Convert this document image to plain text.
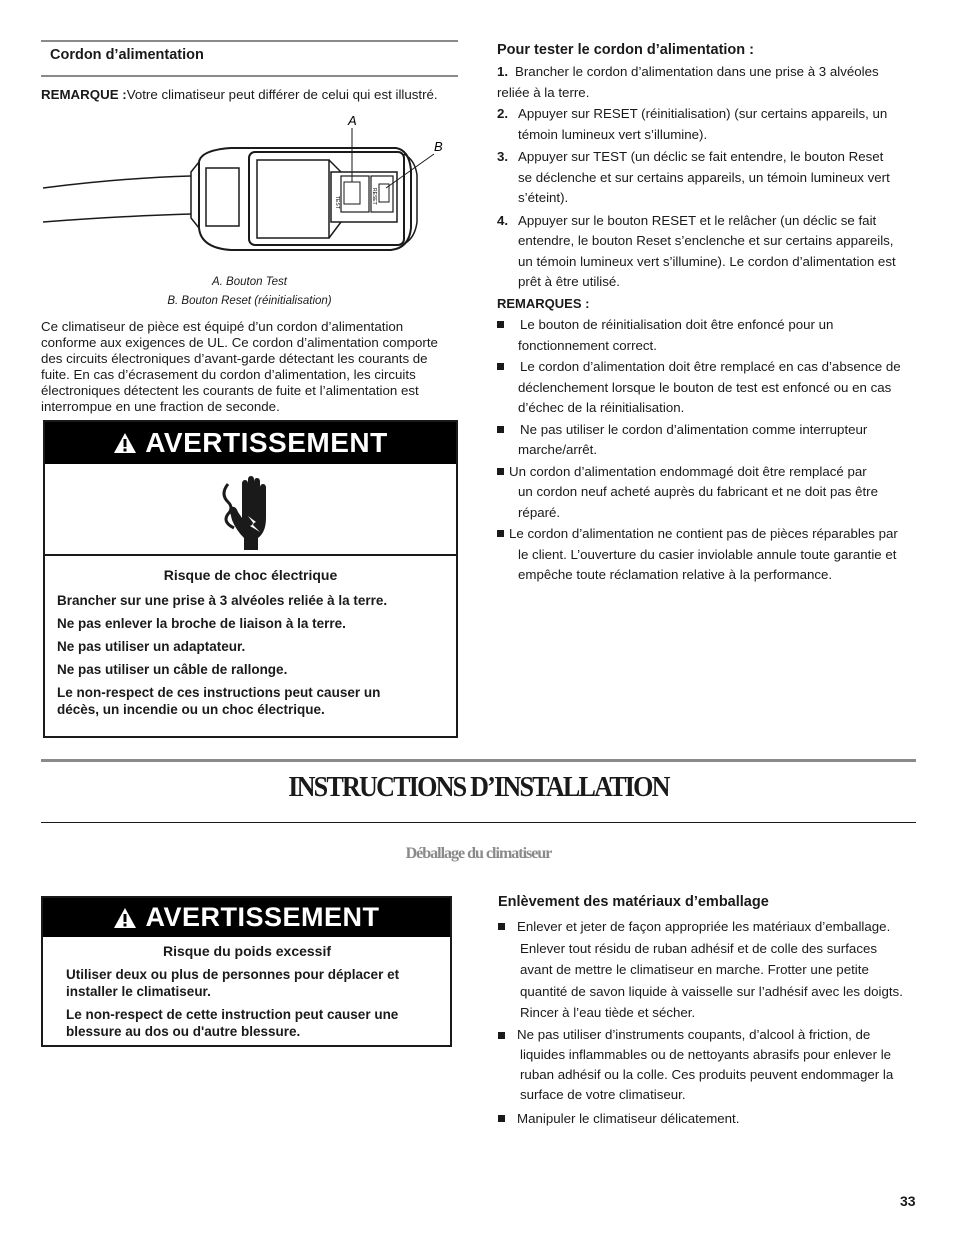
Cordon d’alimentation
REMARQUE :Votre climatiseur peut différer de celui qui est illustré.
TEST	RESET
A
B
A. Bouton Test
B. Bouton Reset (réinitialisation)
Ce climatiseur de pièce est équipé d’un cordon d’alimentation
conforme aux exigences de UL. Ce cordon d’alimentation comporte
des circuits électroniques d’avant-garde détectant les courants de
fuite. En cas d’écrasement du cordon d’alimentation, les circuits
électroniques détectent les courants de fuite et l’alimentation est
interrompue en une fraction de seconde.
AVERTISSEMENT

Risque de choc électrique

Brancher sur une prise à 3 alvéoles reliée à la terre.

Ne pas enlever la broche de liaison à la terre.

Ne pas utiliser un adaptateur.

Ne pas utiliser un câble de rallonge.

Le non-respect de ces instructions peut causer un

décès, un incendie ou un choc électrique.

Pour tester le cordon d’alimentation :
1. Brancher le cordon d’alimentation dans une prise à 3 alvéoles
reliée à la terre.
2. Appuyer sur RESET (réinitialisation) (sur certains appareils, un
témoin lumineux vert s’illumine).
3. Appuyer sur TEST (un déclic se fait entendre, le bouton Reset
se déclenche et sur certains appareils, un témoin lumineux vert
s’éteint).
4. Appuyer sur le bouton RESET et le relâcher (un déclic se fait
entendre, le bouton Reset s’enclenche et sur certains appareils,
un témoin lumineux vert s’illumine). Le cordon d’alimentation est
prêt à être utilisé.
REMARQUES :
Le bouton de réinitialisation doit être enfoncé pour un
fonctionnement correct.
Le cordon d’alimentation doit être remplacé en cas d’absence de
déclenchement lorsque le bouton de test est enfoncé ou en cas
d’échec de la réinitialisation.
Ne pas utiliser le cordon d’alimentation comme interrupteur
marche/arrêt.
Un cordon d’alimentation endommagé doit être remplacé par
un cordon neuf acheté auprès du fabricant et ne doit pas être
réparé.
Le cordon d’alimentation ne contient pas de pièces réparables par
le client. L’ouverture du casier inviolable annule toute garantie et
empêche toute réclamation relative à la performance.
INSTRUCTIONS D’INSTALLATION
Déballage du climatiseur
AVERTISSEMENT

Risque du poids excessif

Utiliser deux ou plus de personnes pour déplacer et

installer le climatiseur.

Le non-respect de cette instruction peut causer une

blessure au dos ou d'autre blessure.

Enlèvement des matériaux d’emballage
Enlever et jeter de façon appropriée les matériaux d’emballage.
Enlever tout résidu de ruban adhésif et de colle des surfaces
avant de mettre le climatiseur en marche. Frotter une petite
quantité de savon liquide à vaisselle sur l’adhésif avec les doigts.
Rincer à l’eau tiède et sécher.
Ne pas utiliser d’instruments coupants, d’alcool à friction, de
liquides inflammables ou de nettoyants abrasifs pour enlever le
ruban adhésif ou la colle. Ces produits peuvent endommager la
surface de votre climatiseur.
Manipuler le climatiseur délicatement.
33
